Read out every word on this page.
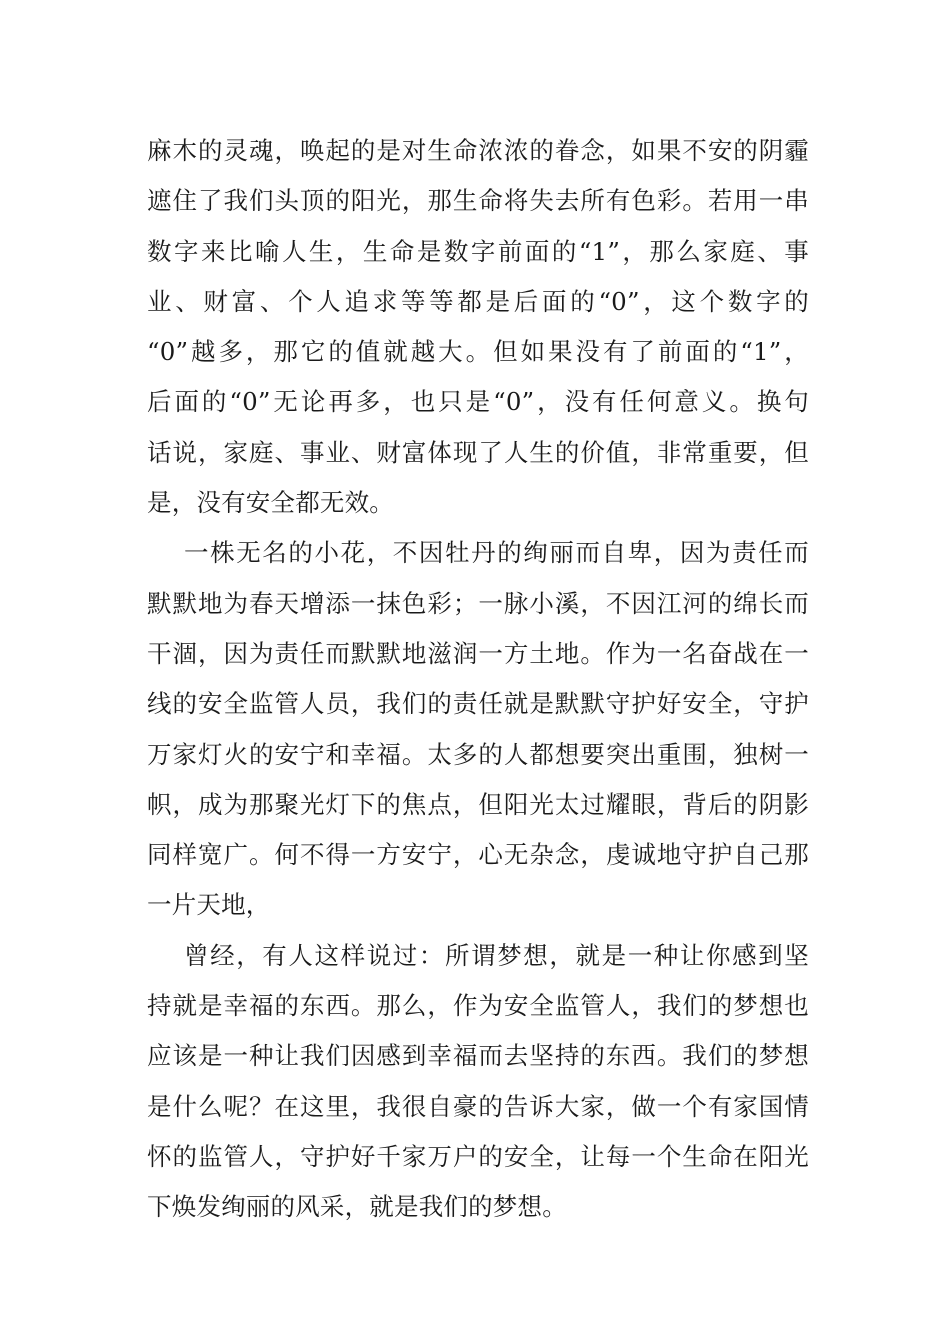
麻木的灵魂，唤起的是对生命浓浓的眷念，如果不安的阴霾
遮住了我们头顶的阳光，那生命将失去所有色彩。若用一串
数字来比喻人生，生命是数字前面的“1”，那么家庭、事
业、财富、个人追求等等都是后面的“0”，这个数字的
“0”越多，那它的值就越大。但如果没有了前面的“1”，
后面的“0”无论再多，也只是“0”，没有任何意义。换句
话说，家庭、事业、财富体现了人生的价值，非常重要，但
是，没有安全都无效。
一株无名的小花，不因牡丹的绚丽而自卑，因为责任而
默默地为春天增添一抹色彩；一脉小溪，不因江河的绵长而
干涸，因为责任而默默地滋润一方土地。作为一名奋战在一
线的安全监管人员，我们的责任就是默默守护好安全，守护
万家灯火的安宁和幸福。太多的人都想要突出重围，独树一
帜，成为那聚光灯下的焦点，但阳光太过耀眼，背后的阴影
同样宽广。何不得一方安宁，心无杂念，虔诚地守护自己那
一片天地，
曾经，有人这样说过：所谓梦想，就是一种让你感到坚
持就是幸福的东西。那么，作为安全监管人，我们的梦想也
应该是一种让我们因感到幸福而去坚持的东西。我们的梦想
是什么呢？在这里，我很自豪的告诉大家，做一个有家国情
怀的监管人，守护好千家万户的安全，让每一个生命在阳光
下焕发绚丽的风采，就是我们的梦想。
